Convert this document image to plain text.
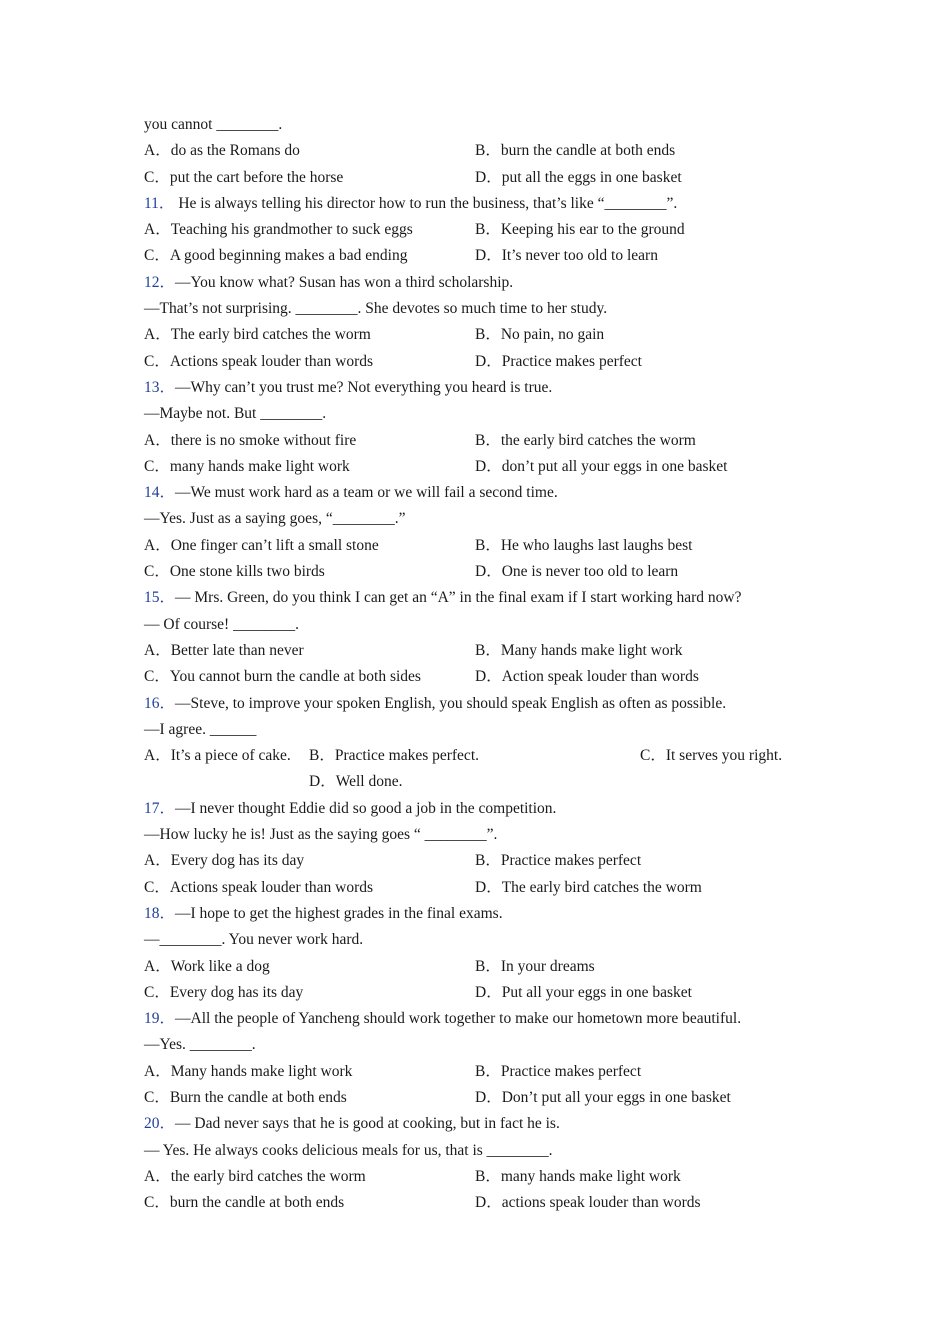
you cannot ________.
A．do as the Romans do	B．burn the candle at both ends
C．put the cart before the horse	D．put all the eggs in one basket
11． He is always telling his director how to run the business, that’s like “________”.
A．Teaching his grandmother to suck eggs	B．Keeping his ear to the ground
C．A good beginning makes a bad ending	D．It’s never too old to learn
12．—You know what? Susan has won a third scholarship.
—That’s not surprising. ________. She devotes so much time to her study.
A．The early bird catches the worm	B．No pain, no gain
C．Actions speak louder than words	D．Practice makes perfect
13．—Why can’t you trust me? Not everything you heard is true.
—Maybe not. But ________.
A．there is no smoke without fire	B．the early bird catches the worm
C．many hands make light work	D．don’t put all your eggs in one basket
14．—We must work hard as a team or we will fail a second time.
—Yes. Just as a saying goes, “________.”
A．One finger can’t lift a small stone	B．He who laughs last laughs best
C．One stone kills two birds	D．One is never too old to learn
15．— Mrs. Green, do you think I can get an “A” in the final exam if I start working hard now?
— Of course! ________.
A．Better late than never	B．Many hands make light work
C．You cannot burn the candle at both sides	D．Action speak louder than words
16．—Steve, to improve your spoken English, you should speak English as often as possible.
—I agree. ______
A．It’s a piece of cake. B．Practice makes perfect.	C．It serves you right.
D．Well done.
17．—I never thought Eddie did so good a job in the competition.
—How lucky he is! Just as the saying goes “ ________”.
A．Every dog has its day	B．Practice makes perfect
C．Actions speak louder than words	D．The early bird catches the worm
18．—I hope to get the highest grades in the final exams.
—________. You never work hard.
A．Work like a dog	B．In your dreams
C．Every dog has its day	D．Put all your eggs in one basket
19．—All the people of Yancheng should work together to make our hometown more beautiful.
—Yes. ________.
A．Many hands make light work	B．Practice makes perfect
C．Burn the candle at both ends	D．Don’t put all your eggs in one basket
20．— Dad never says that he is good at cooking, but in fact he is.
— Yes. He always cooks delicious meals for us, that is ________.
A．the early bird catches the worm	B．many hands make light work
C．burn the candle at both ends	D．actions speak louder than words
